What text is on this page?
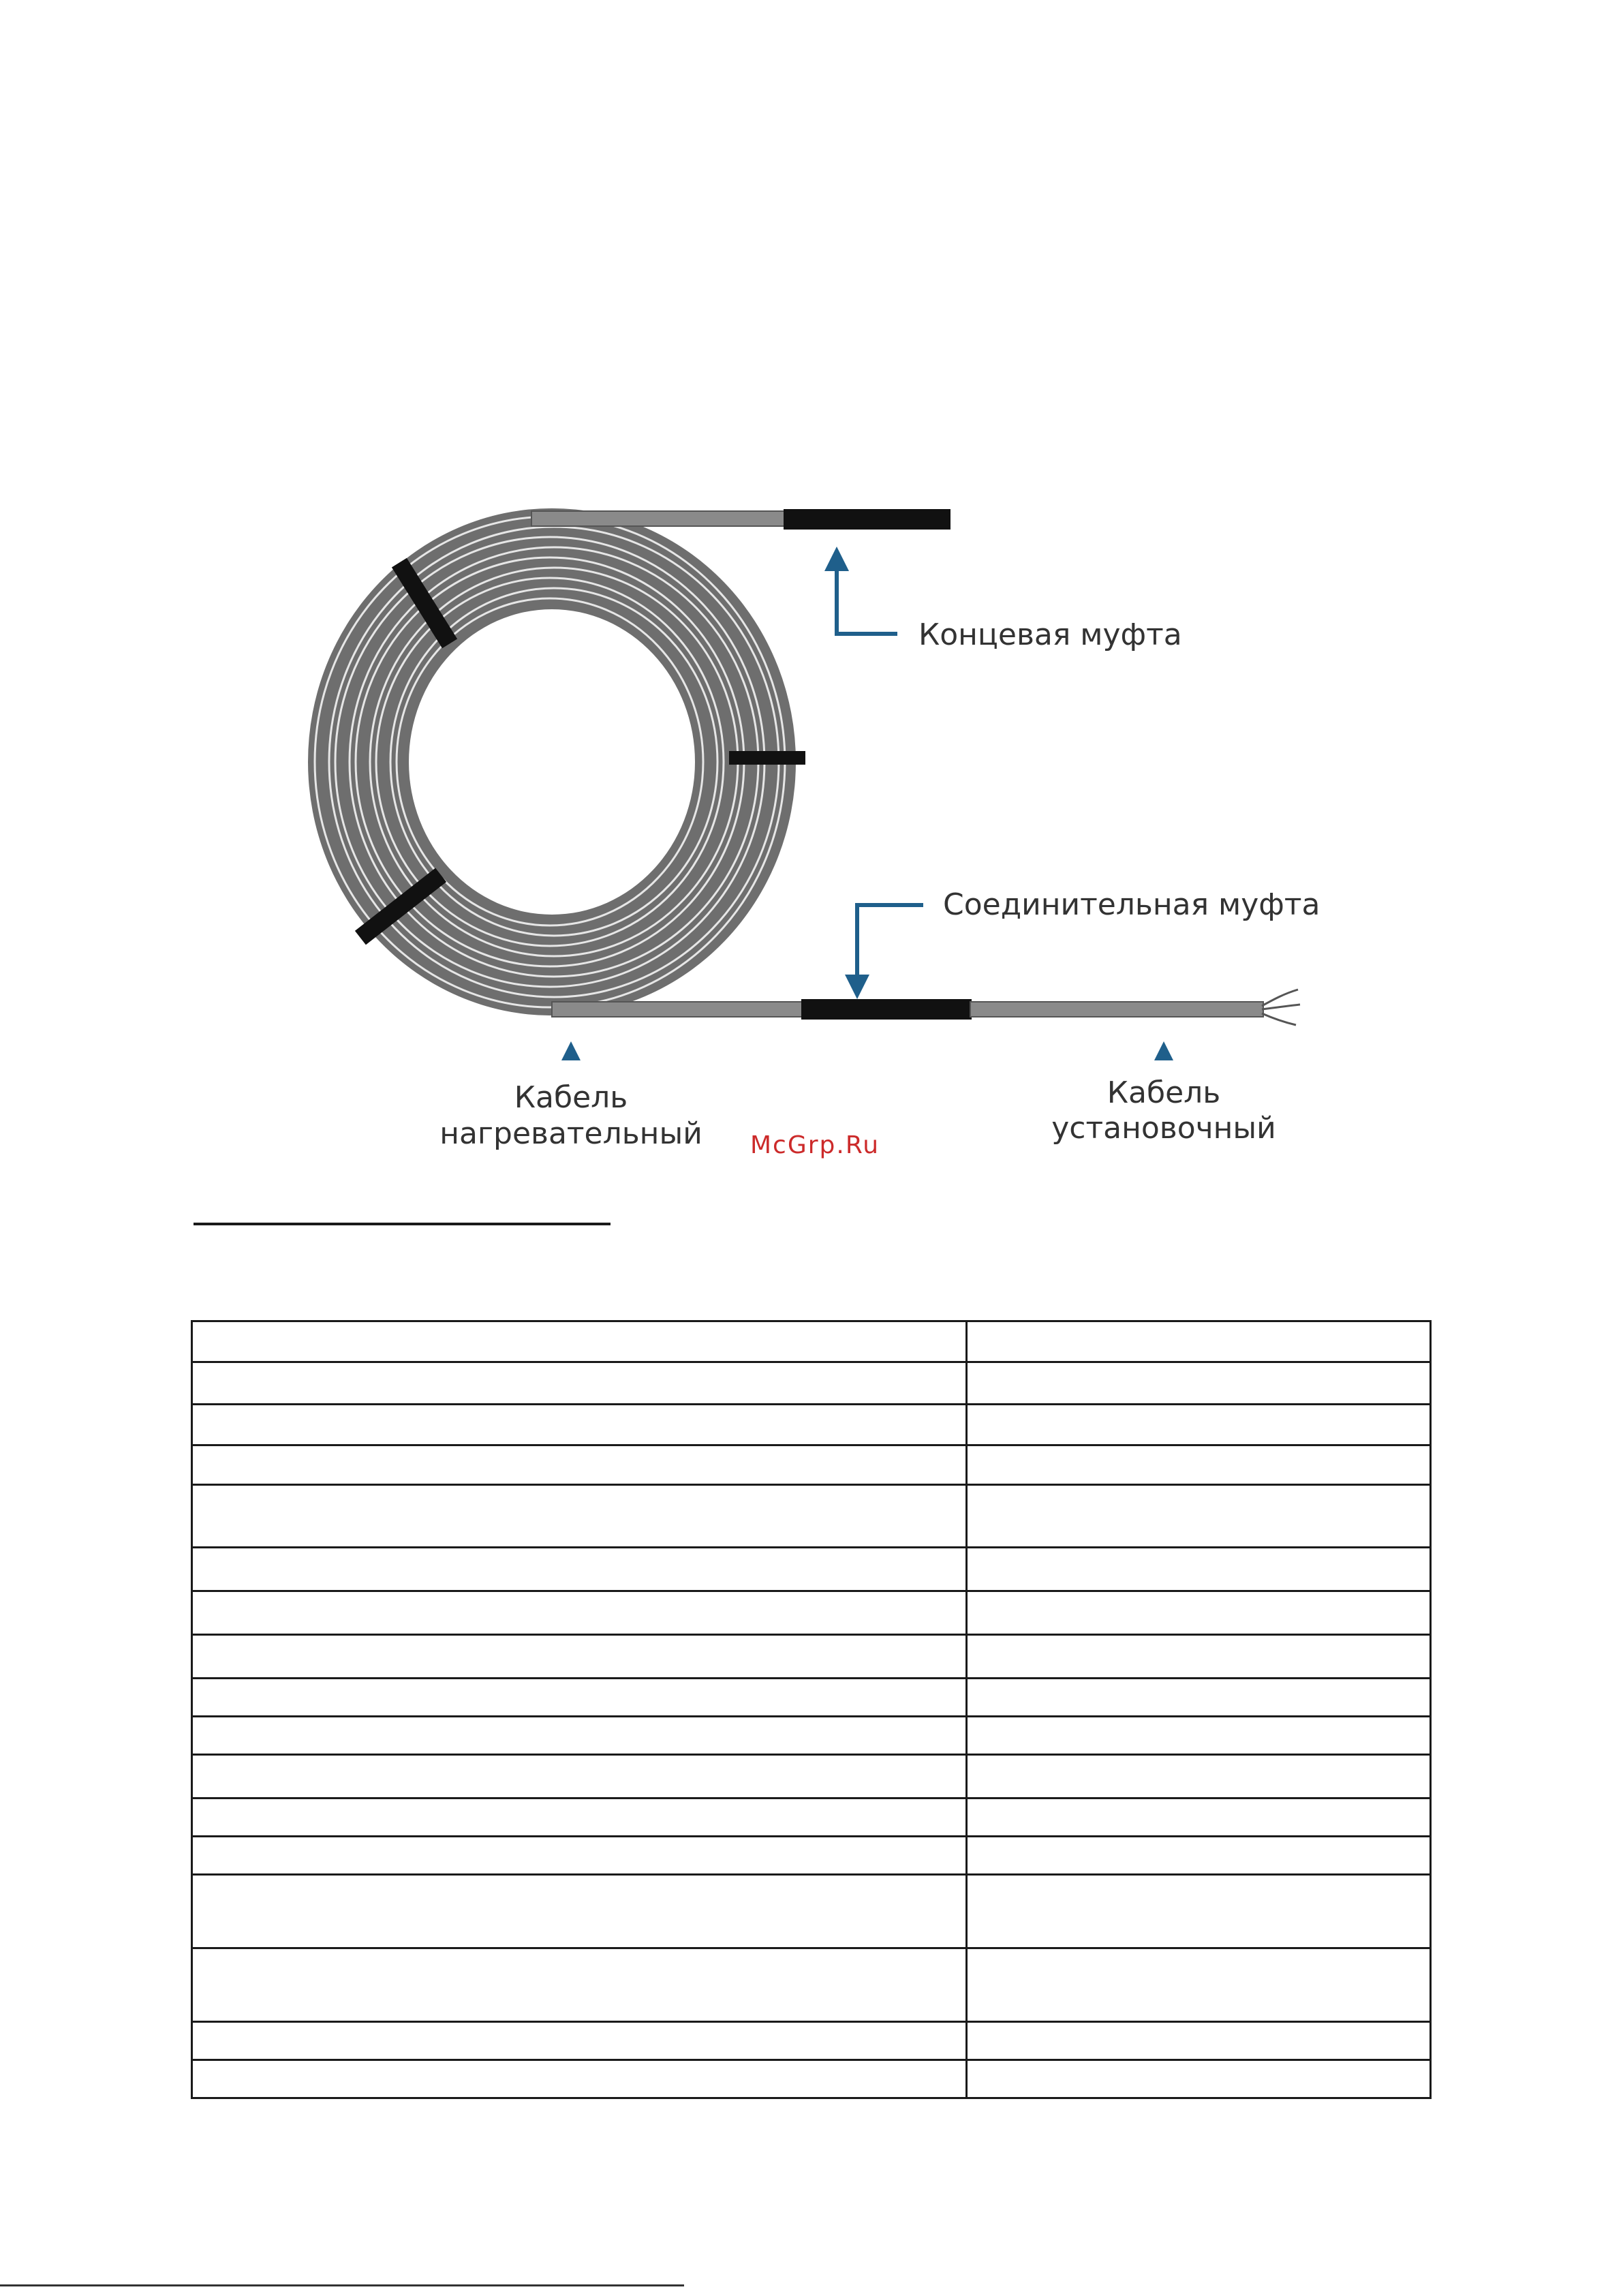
Концевая муфта
Соединительная муфта
Кабель
нагревательный
Кабель
установочный
McGrp.Ru
